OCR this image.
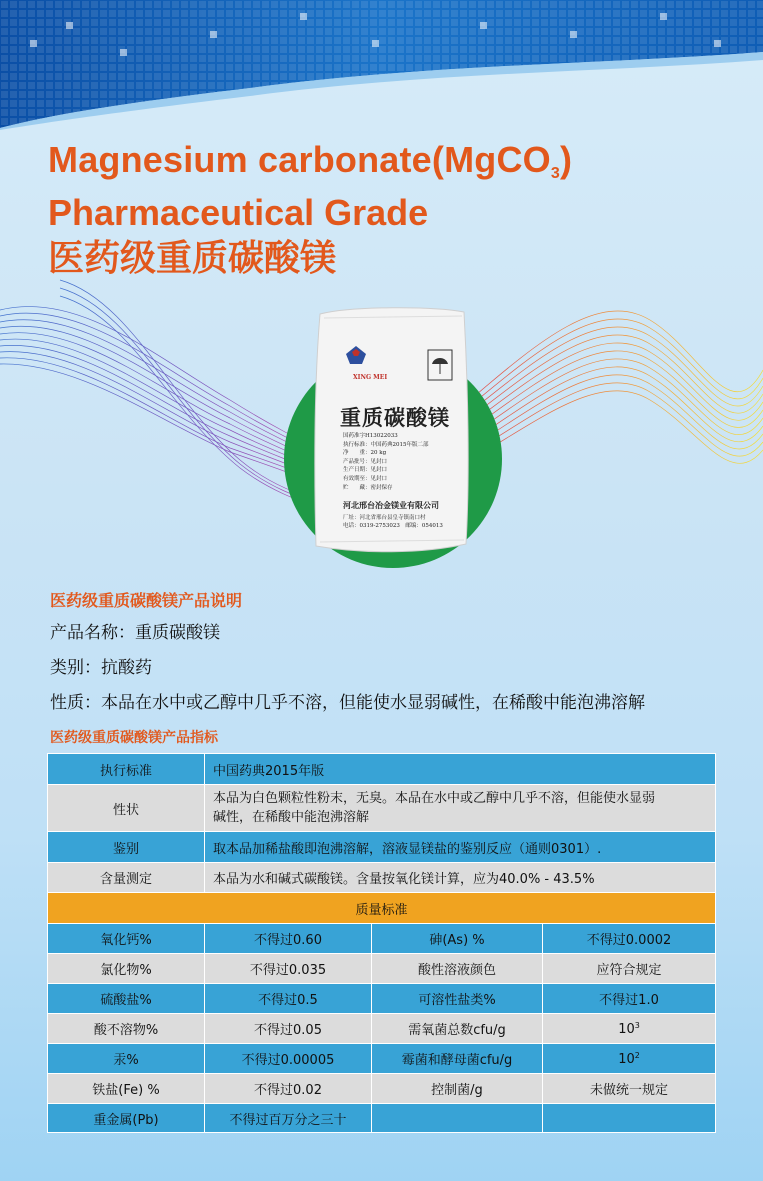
Magnesium carbonate(MgCO$_3$)
Pharmaceutical Grade
医药级重质碳酸镁
XING MEI
重质碳酸镁
国药准字H13022033
执行标准：中国药典2015年版二部
净　　重：20 kg
产品批号：见封口
生产日期：见封口
有效期至：见封口
贮　　藏：密封保存
河北邢台冶金镁业有限公司
厂址：河北省邢台县皇寺镇南口村
电话：0319-2753023　邮编：054013
医药级重质碳酸镁产品说明
产品名称：重质碳酸镁
类别：抗酸药
性质：本品在水中或乙醇中几乎不溶，但能使水显弱碱性，在稀酸中能泡沸溶解
医药级重质碳酸镁产品指标
执行标准	中国药典2015年版		
性状	本品为白色颗粒性粉末，无臭。本品在水中或乙醇中几乎不溶，但能使水显弱碱性，在稀酸中能泡沸溶解		
鉴别	取本品加稀盐酸即泡沸溶解，溶液显镁盐的鉴别反应（通则0301）.		
含量测定	本品为水和碱式碳酸镁。含量按氧化镁计算，应为40.0% - 43.5%		
质量标准			
氧化钙%	不得过0.60	砷(As) %	不得过0.0002
氯化物%	不得过0.035	酸性溶液颜色	应符合规定
硫酸盐%	不得过0.5	可溶性盐类%	不得过1.0
酸不溶物%	不得过0.05	需氧菌总数cfu/g	$10^3$
汞%	不得过0.00005	霉菌和酵母菌cfu/g	$10^2$
铁盐(Fe) %	不得过0.02	控制菌/g	未做统一规定
重金属(Pb)	不得过百万分之三十		
